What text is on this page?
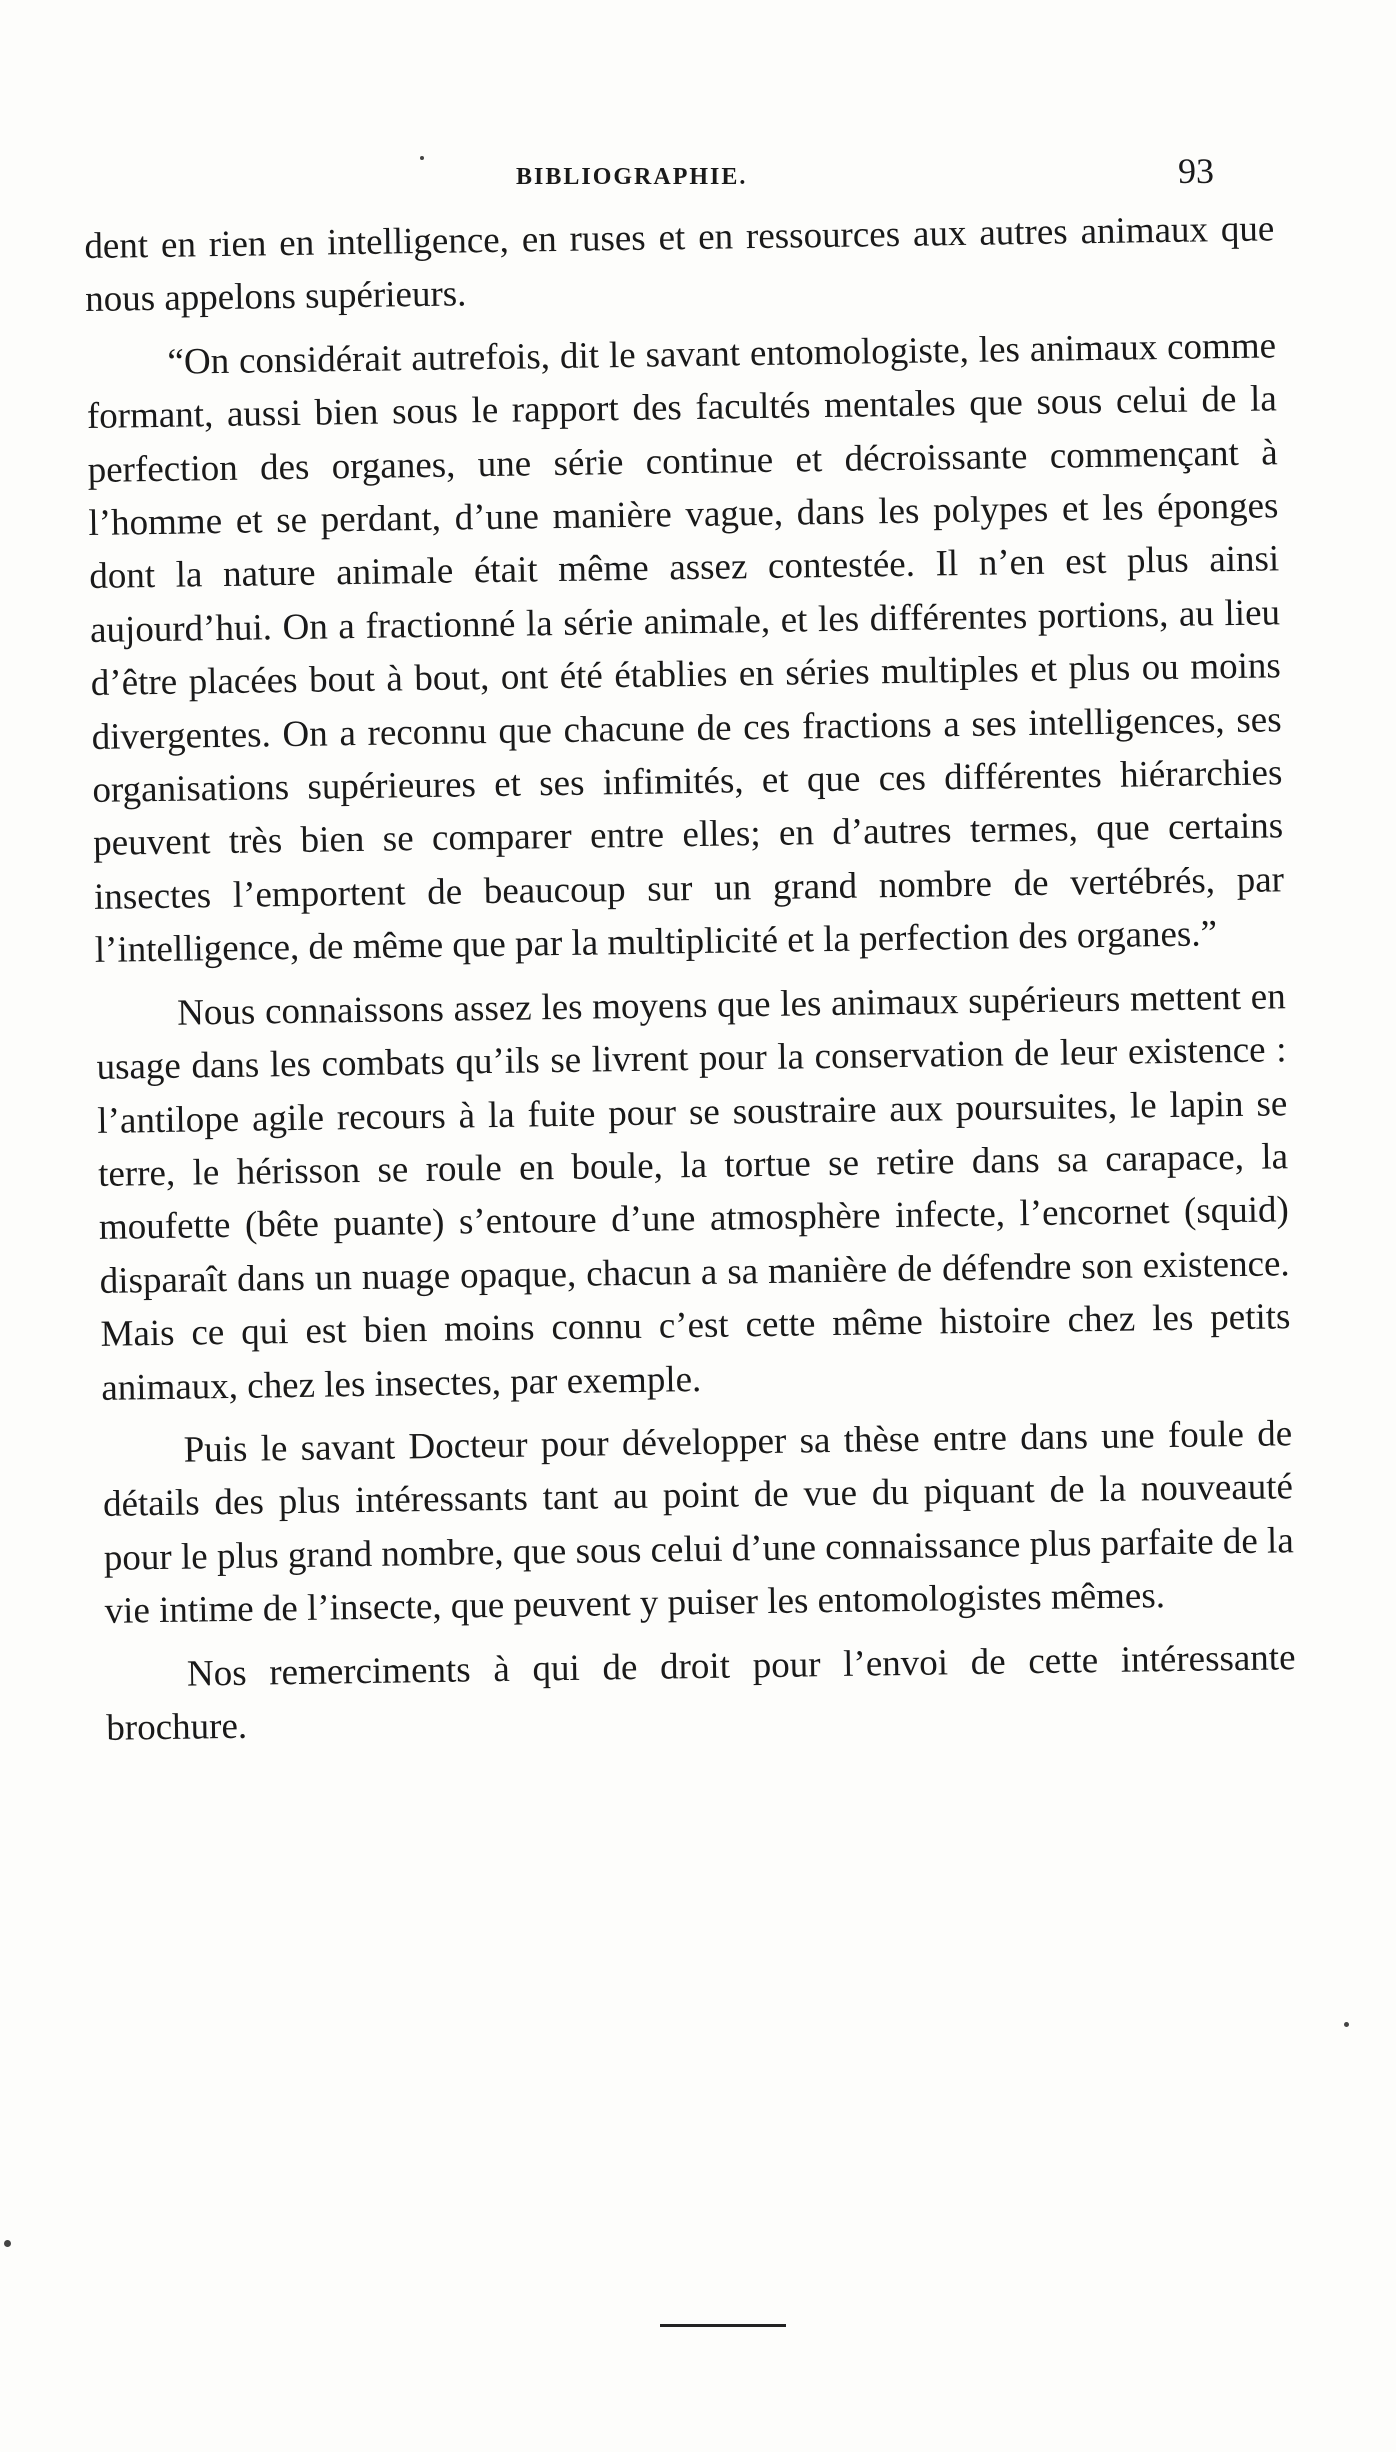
BIBLIOGRAPHIE.	93

dent en rien en intelligence, en ruses et en ressources aux autres animaux que nous appelons supérieurs.

“On considérait autrefois, dit le savant entomologiste, les animaux comme formant, aussi bien sous le rapport des facultés mentales que sous celui de la perfection des organes, une série continue et décroissante commençant à l’homme et se perdant, d’une manière vague, dans les polypes et les éponges dont la nature animale était même assez contestée. Il n’en est plus ainsi aujourd’hui. On a fractionné la série animale, et les différentes portions, au lieu d’être placées bout à bout, ont été établies en séries multiples et plus ou moins divergentes. On a reconnu que chacune de ces fractions a ses intelligences, ses organisations supérieures et ses infimités, et que ces différentes hiérarchies peuvent très bien se comparer entre elles; en d’autres termes, que certains insectes l’emportent de beaucoup sur un grand nombre de vertébrés, par l’intelligence, de même que par la multiplicité et la perfection des organes.”

Nous connaissons assez les moyens que les animaux supérieurs mettent en usage dans les combats qu’ils se livrent pour la conservation de leur existence : l’antilope agile recours à la fuite pour se soustraire aux poursuites, le lapin se terre, le hérisson se roule en boule, la tortue se retire dans sa carapace, la moufette (bête puante) s’entoure d’une atmosphère infecte, l’encornet (squid) disparaît dans un nuage opaque, chacun a sa manière de défendre son existence. Mais ce qui est bien moins connu c’est cette même histoire chez les petits animaux, chez les insectes, par exemple.

Puis le savant Docteur pour développer sa thèse entre dans une foule de détails des plus intéressants tant au point de vue du piquant de la nouveauté pour le plus grand nombre, que sous celui d’une connaissance plus parfaite de la vie intime de l’insecte, que peuvent y puiser les entomologistes mêmes.

Nos remerciments à qui de droit pour l’envoi de cette intéressante brochure.
